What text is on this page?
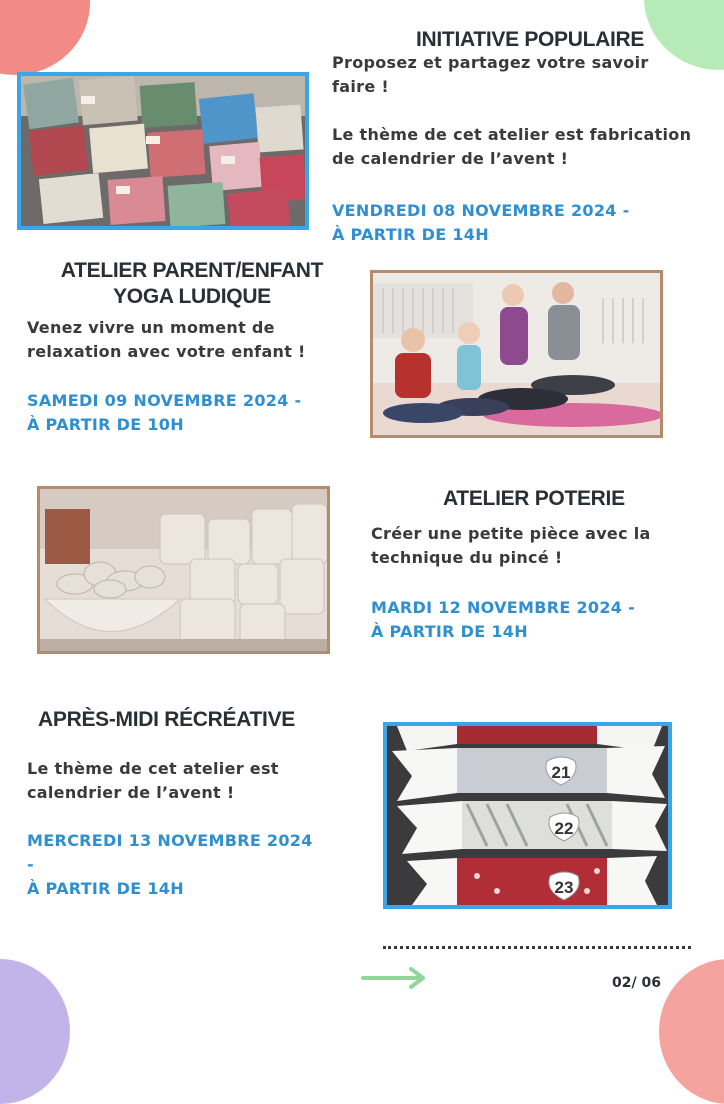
INITIATIVE POPULAIRE
Proposez et partagez votre savoir
faire !

Le thème de cet atelier est fabrication
de calendrier de l’avent !
VENDREDI 08 NOVEMBRE 2024 -
À PARTIR DE 14H
ATELIER PARENT/ENFANT
YOGA LUDIQUE
Venez vivre un moment de
relaxation avec votre enfant !
SAMEDI 09 NOVEMBRE 2024 -
À PARTIR DE 10H
ATELIER POTERIE
Créer une petite pièce avec la
technique du pincé !
MARDI 12 NOVEMBRE 2024 -
À PARTIR DE 14H
APRÈS-MIDI RÉCRÉATIVE
Le thème de cet atelier est
calendrier de l’avent !
MERCREDI 13 NOVEMBRE 2024
-
À PARTIR DE 14H
21
22
23
02/ 06
